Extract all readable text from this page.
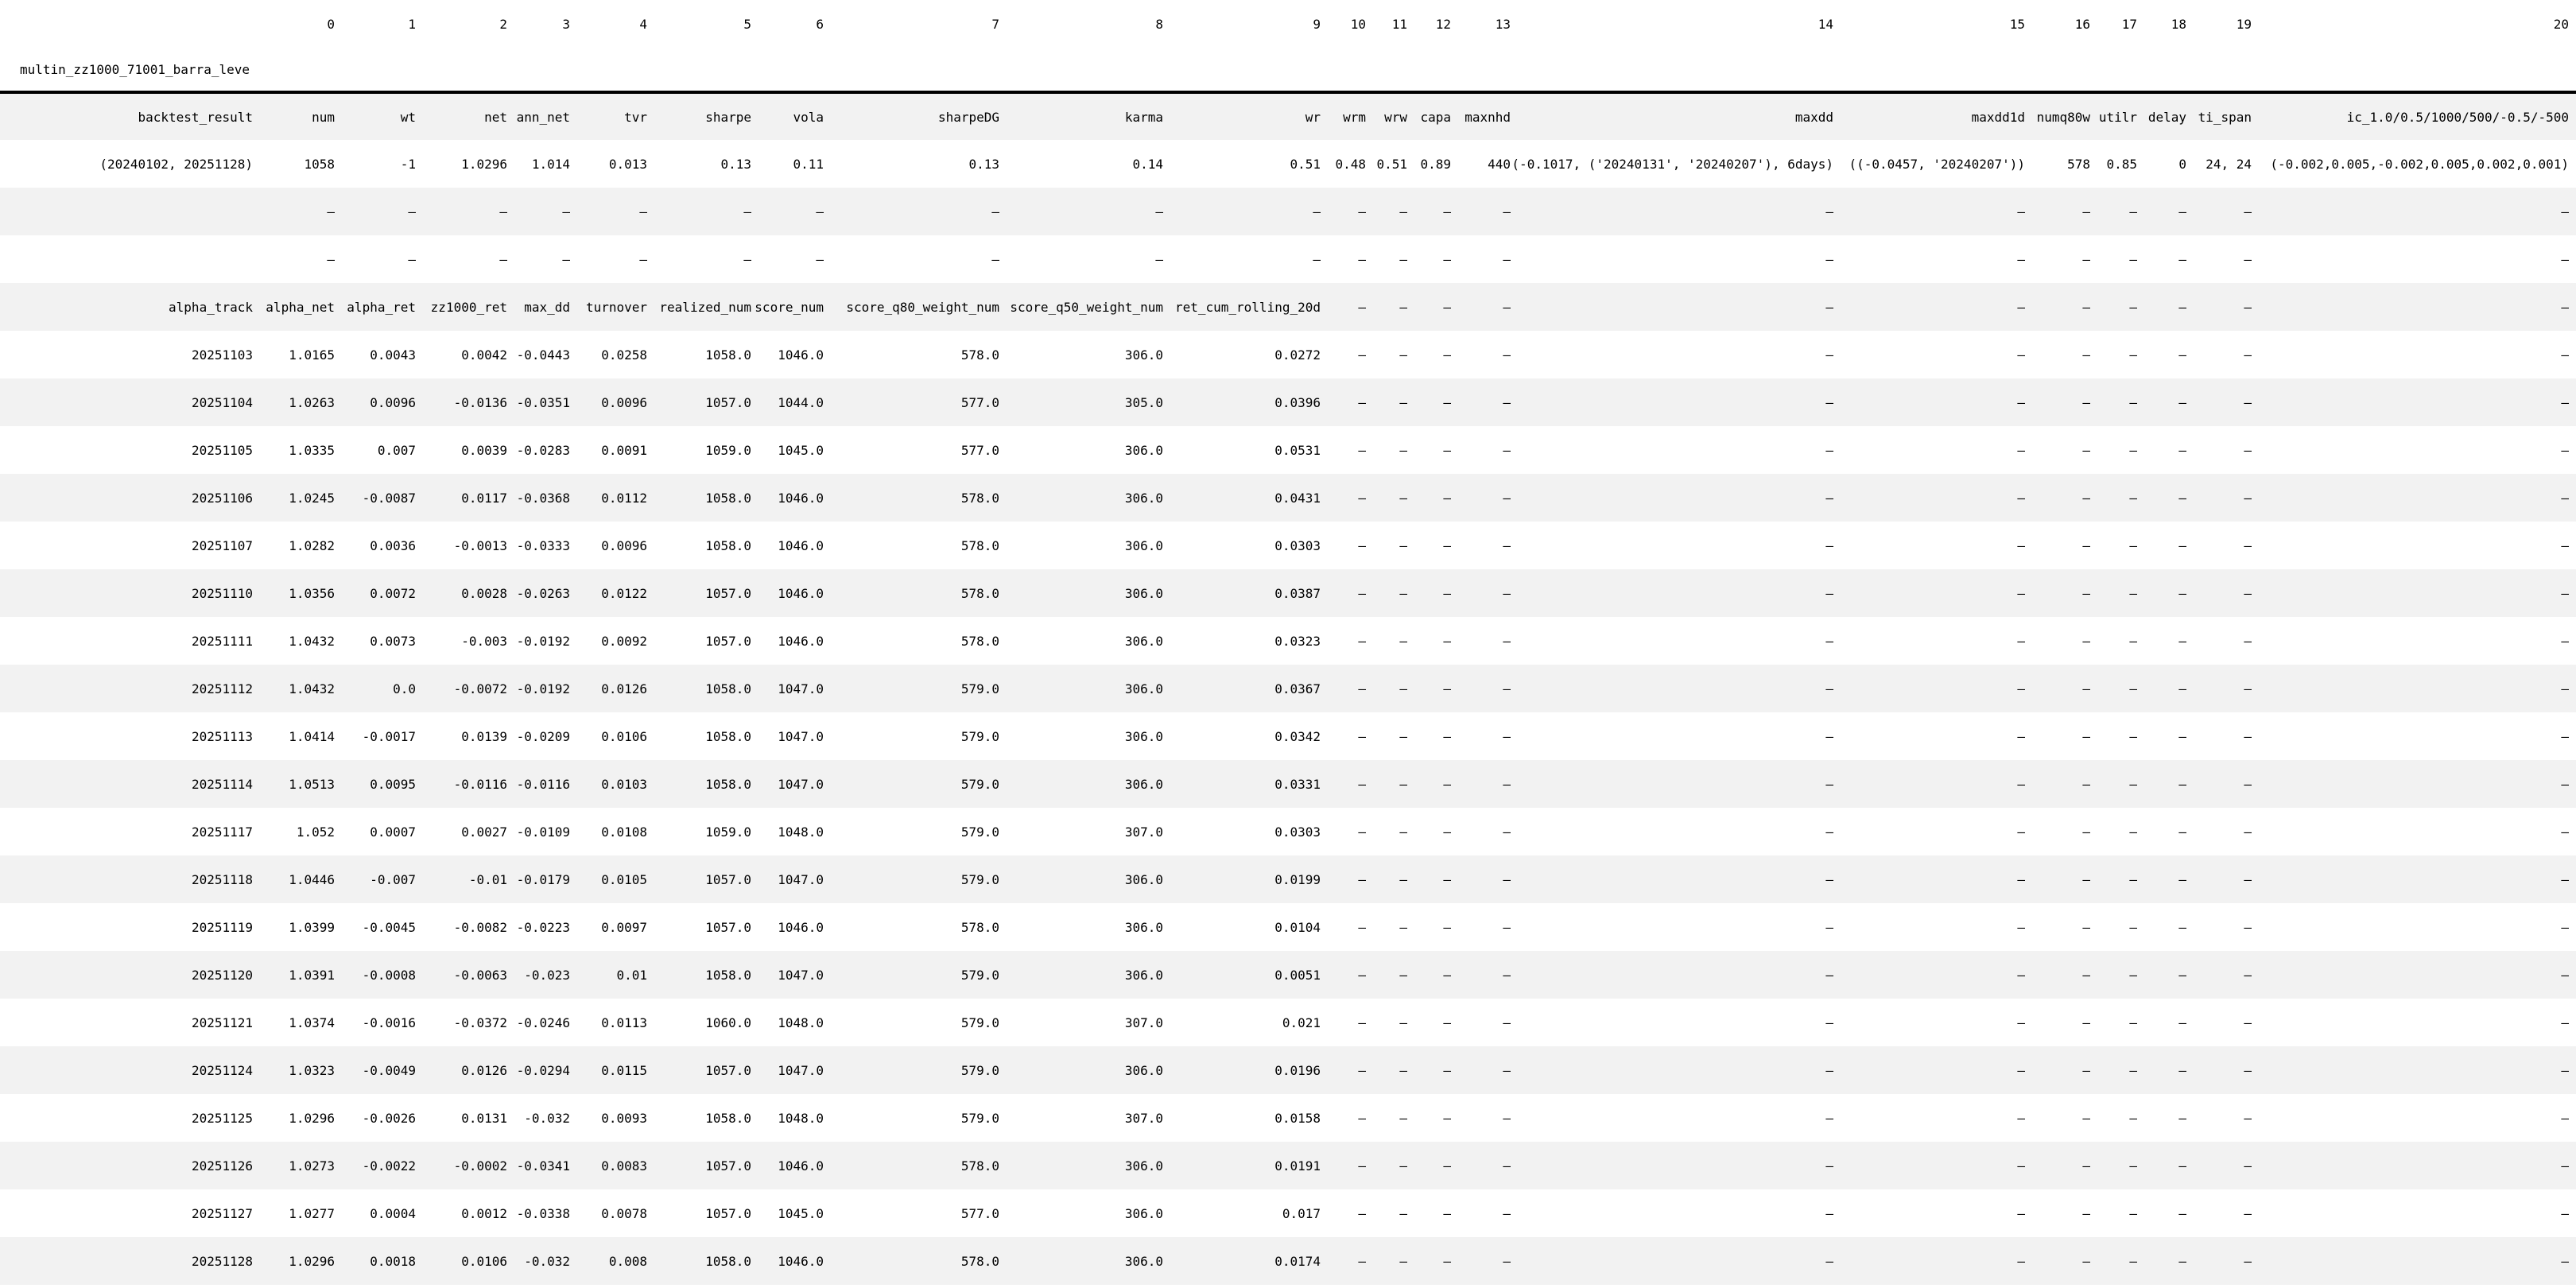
	0	1	2	3	4	5	6	7	8	9	10	11	12	13	14	15	16	17	18	19	20
multin_zz1000_71001_barra_leve																					
backtest_result	num	wt	net	ann_net	tvr	sharpe	vola	sharpeDG	karma	wr	wrm	wrw	capa	maxnhd	maxdd	maxdd1d	numq80w	utilr	delay	ti_span	ic_1.0/0.5/1000/500/-0.5/-500
(20240102, 20251128)	1058	-1	1.0296	1.014	0.013	0.13	0.11	0.13	0.14	0.51	0.48	0.51	0.89	440	(-0.1017, ('20240131', '20240207'), 6days)	((-0.0457, '20240207'))	578	0.85	0	24, 24	(-0.002,0.005,-0.002,0.005,0.002,0.001)
	—	—	—	—	—	—	—	—	—	—	—	—	—	—	—	—	—	—	—	—	—
	—	—	—	—	—	—	—	—	—	—	—	—	—	—	—	—	—	—	—	—	—
alpha_track	alpha_net	alpha_ret	zz1000_ret	max_dd	turnover	realized_num	score_num	score_q80_weight_num	score_q50_weight_num	ret_cum_rolling_20d	—	—	—	—	—	—	—	—	—	—	—
20251103	1.0165	0.0043	0.0042	-0.0443	0.0258	1058.0	1046.0	578.0	306.0	0.0272	—	—	—	—	—	—	—	—	—	—	—
20251104	1.0263	0.0096	-0.0136	-0.0351	0.0096	1057.0	1044.0	577.0	305.0	0.0396	—	—	—	—	—	—	—	—	—	—	—
20251105	1.0335	0.007	0.0039	-0.0283	0.0091	1059.0	1045.0	577.0	306.0	0.0531	—	—	—	—	—	—	—	—	—	—	—
20251106	1.0245	-0.0087	0.0117	-0.0368	0.0112	1058.0	1046.0	578.0	306.0	0.0431	—	—	—	—	—	—	—	—	—	—	—
20251107	1.0282	0.0036	-0.0013	-0.0333	0.0096	1058.0	1046.0	578.0	306.0	0.0303	—	—	—	—	—	—	—	—	—	—	—
20251110	1.0356	0.0072	0.0028	-0.0263	0.0122	1057.0	1046.0	578.0	306.0	0.0387	—	—	—	—	—	—	—	—	—	—	—
20251111	1.0432	0.0073	-0.003	-0.0192	0.0092	1057.0	1046.0	578.0	306.0	0.0323	—	—	—	—	—	—	—	—	—	—	—
20251112	1.0432	0.0	-0.0072	-0.0192	0.0126	1058.0	1047.0	579.0	306.0	0.0367	—	—	—	—	—	—	—	—	—	—	—
20251113	1.0414	-0.0017	0.0139	-0.0209	0.0106	1058.0	1047.0	579.0	306.0	0.0342	—	—	—	—	—	—	—	—	—	—	—
20251114	1.0513	0.0095	-0.0116	-0.0116	0.0103	1058.0	1047.0	579.0	306.0	0.0331	—	—	—	—	—	—	—	—	—	—	—
20251117	1.052	0.0007	0.0027	-0.0109	0.0108	1059.0	1048.0	579.0	307.0	0.0303	—	—	—	—	—	—	—	—	—	—	—
20251118	1.0446	-0.007	-0.01	-0.0179	0.0105	1057.0	1047.0	579.0	306.0	0.0199	—	—	—	—	—	—	—	—	—	—	—
20251119	1.0399	-0.0045	-0.0082	-0.0223	0.0097	1057.0	1046.0	578.0	306.0	0.0104	—	—	—	—	—	—	—	—	—	—	—
20251120	1.0391	-0.0008	-0.0063	-0.023	0.01	1058.0	1047.0	579.0	306.0	0.0051	—	—	—	—	—	—	—	—	—	—	—
20251121	1.0374	-0.0016	-0.0372	-0.0246	0.0113	1060.0	1048.0	579.0	307.0	0.021	—	—	—	—	—	—	—	—	—	—	—
20251124	1.0323	-0.0049	0.0126	-0.0294	0.0115	1057.0	1047.0	579.0	306.0	0.0196	—	—	—	—	—	—	—	—	—	—	—
20251125	1.0296	-0.0026	0.0131	-0.032	0.0093	1058.0	1048.0	579.0	307.0	0.0158	—	—	—	—	—	—	—	—	—	—	—
20251126	1.0273	-0.0022	-0.0002	-0.0341	0.0083	1057.0	1046.0	578.0	306.0	0.0191	—	—	—	—	—	—	—	—	—	—	—
20251127	1.0277	0.0004	0.0012	-0.0338	0.0078	1057.0	1045.0	577.0	306.0	0.017	—	—	—	—	—	—	—	—	—	—	—
20251128	1.0296	0.0018	0.0106	-0.032	0.008	1058.0	1046.0	578.0	306.0	0.0174	—	—	—	—	—	—	—	—	—	—	—
